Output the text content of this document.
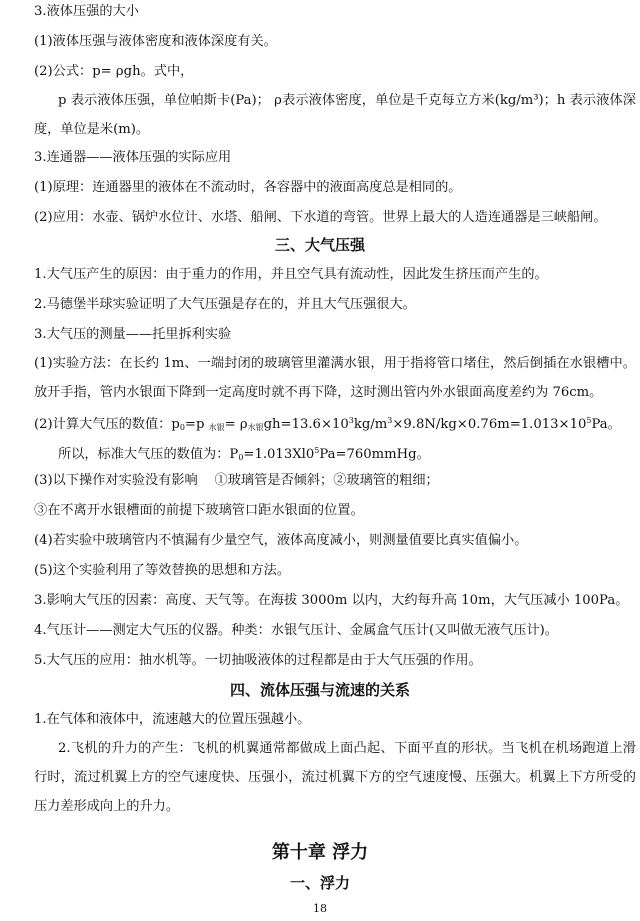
3.液体压强的大小
(1)液体压强与液体密度和液体深度有关。
(2)公式：p= ρgh。式中，
p 表示液体压强，单位帕斯卡(Pa)； ρ表示液体密度，单位是千克每立方米(kg/m³)；h 表示液体深度，单位是米(m)。
3.连通器——液体压强的实际应用
(1)原理：连通器里的液体在不流动时，各容器中的液面高度总是相同的。
(2)应用：水壶、锅炉水位计、水塔、船闸、下水道的弯管。世界上最大的人造连通器是三峡船闸。
三、大气压强
1.大气压产生的原因：由于重力的作用，并且空气具有流动性，因此发生挤压而产生的。
2.马德堡半球实验证明了大气压强是存在的，并且大气压强很大。
3.大气压的测量——托里拆利实验
(1)实验方法：在长约 1m、一端封闭的玻璃管里灌满水银，用于指将管口堵住，然后倒插在水银槽中。放开手指，管内水银面下降到一定高度时就不再下降，这时测出管内外水银面高度差约为 76cm。
(2)计算大气压的数值：$p_0=p$ $_{水银}= \rho_{水银}gh=13.6\times 10^3kg/m^3\times 9.8N/kg\times 0.76m=1.013\times 10^5Pa$。
所以，标准大气压的数值为：$P_0=1.013Xl0^5Pa=760mmHg$。
(3)以下操作对实验没有影响    ①玻璃管是否倾斜；②玻璃管的粗细；
③在不离开水银槽面的前提下玻璃管口距水银面的位置。
(4)若实验中玻璃管内不慎漏有少量空气，液体高度减小，则测量值要比真实值偏小。
(5)这个实验利用了等效替换的思想和方法。
3.影响大气压的因素：高度、天气等。在海拔 3000m 以内，大约每升高 10m，大气压减小 100Pa。
4.气压计——测定大气压的仪器。种类：水银气压计、金属盒气压计(又叫做无液气压计)。
5.大气压的应用：抽水机等。一切抽吸液体的过程都是由于大气压强的作用。
四、流体压强与流速的关系
1.在气体和液体中，流速越大的位置压强越小。
2.飞机的升力的产生：飞机的机翼通常都做成上面凸起、下面平直的形状。当飞机在机场跑道上滑行时，流过机翼上方的空气速度快、压强小，流过机翼下方的空气速度慢、压强大。机翼上下方所受的压力差形成向上的升力。
第十章 浮力
一、浮力
18
